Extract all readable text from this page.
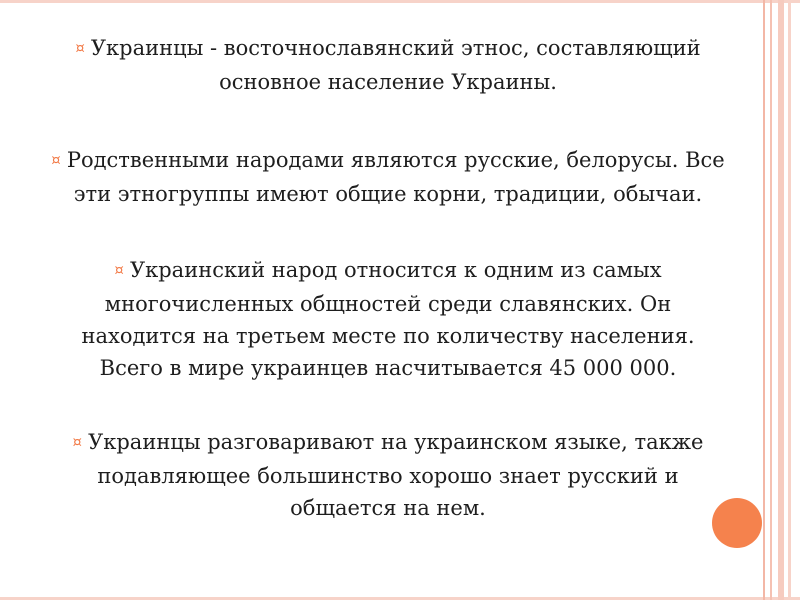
¤ Украинцы - восточнославянский этнос, составляющий
основное население Украины.
¤ Родственными народами являются русские, белорусы. Все
эти этногруппы имеют общие корни, традиции, обычаи.
¤ Украинский народ относится к одним из самых
многочисленных общностей среди славянских. Он
находится на третьем месте по количеству населения.
Всего в мире украинцев насчитывается 45 000 000.
¤ Украинцы разговаривают на украинском языке, также
подавляющее большинство хорошо знает русский и
общается на нем.
